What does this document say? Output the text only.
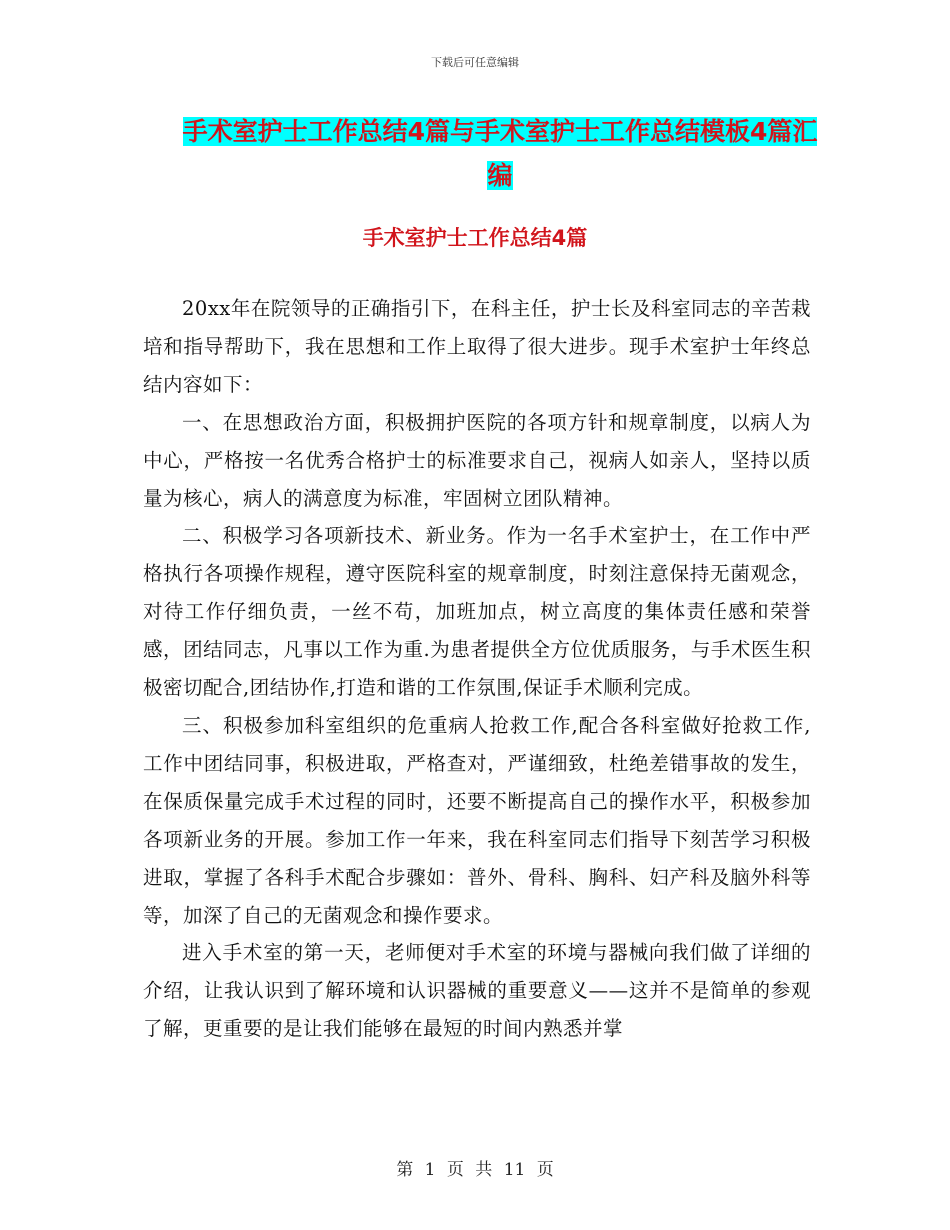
下载后可任意编辑
手术室护士工作总结4篇与手术室护士工作总结模板4篇汇编
手术室护士工作总结4篇

20xx年在院领导的正确指引下，在科主任，护士长及科室同志的辛苦栽培和指导帮助下，我在思想和工作上取得了很大进步。现手术室护士年终总结内容如下：

一、在思想政治方面，积极拥护医院的各项方针和规章制度，以病人为中心，严格按一名优秀合格护士的标准要求自己，视病人如亲人，坚持以质量为核心，病人的满意度为标准，牢固树立团队精神。

二、积极学习各项新技术、新业务。作为一名手术室护士，在工作中严格执行各项操作规程，遵守医院科室的规章制度，时刻注意保持无菌观念，对待工作仔细负责，一丝不苟，加班加点，树立高度的集体责任感和荣誉感，团结同志，凡事以工作为重.为患者提供全方位优质服务，与手术医生积极密切配合,团结协作,打造和谐的工作氛围,保证手术顺利完成。

三、积极参加科室组织的危重病人抢救工作,配合各科室做好抢救工作,工作中团结同事，积极进取，严格查对，严谨细致，杜绝差错事故的发生，在保质保量完成手术过程的同时，还要不断提高自己的操作水平，积极参加各项新业务的开展。参加工作一年来，我在科室同志们指导下刻苦学习积极进取，掌握了各科手术配合步骤如：普外、骨科、胸科、妇产科及脑外科等等，加深了自己的无菌观念和操作要求。

进入手术室的第一天，老师便对手术室的环境与器械向我们做了详细的介绍，让我认识到了解环境和认识器械的重要意义——这并不是简单的参观了解，更重要的是让我们能够在最短的时间内熟悉并掌

第 1 页 共 11 页
